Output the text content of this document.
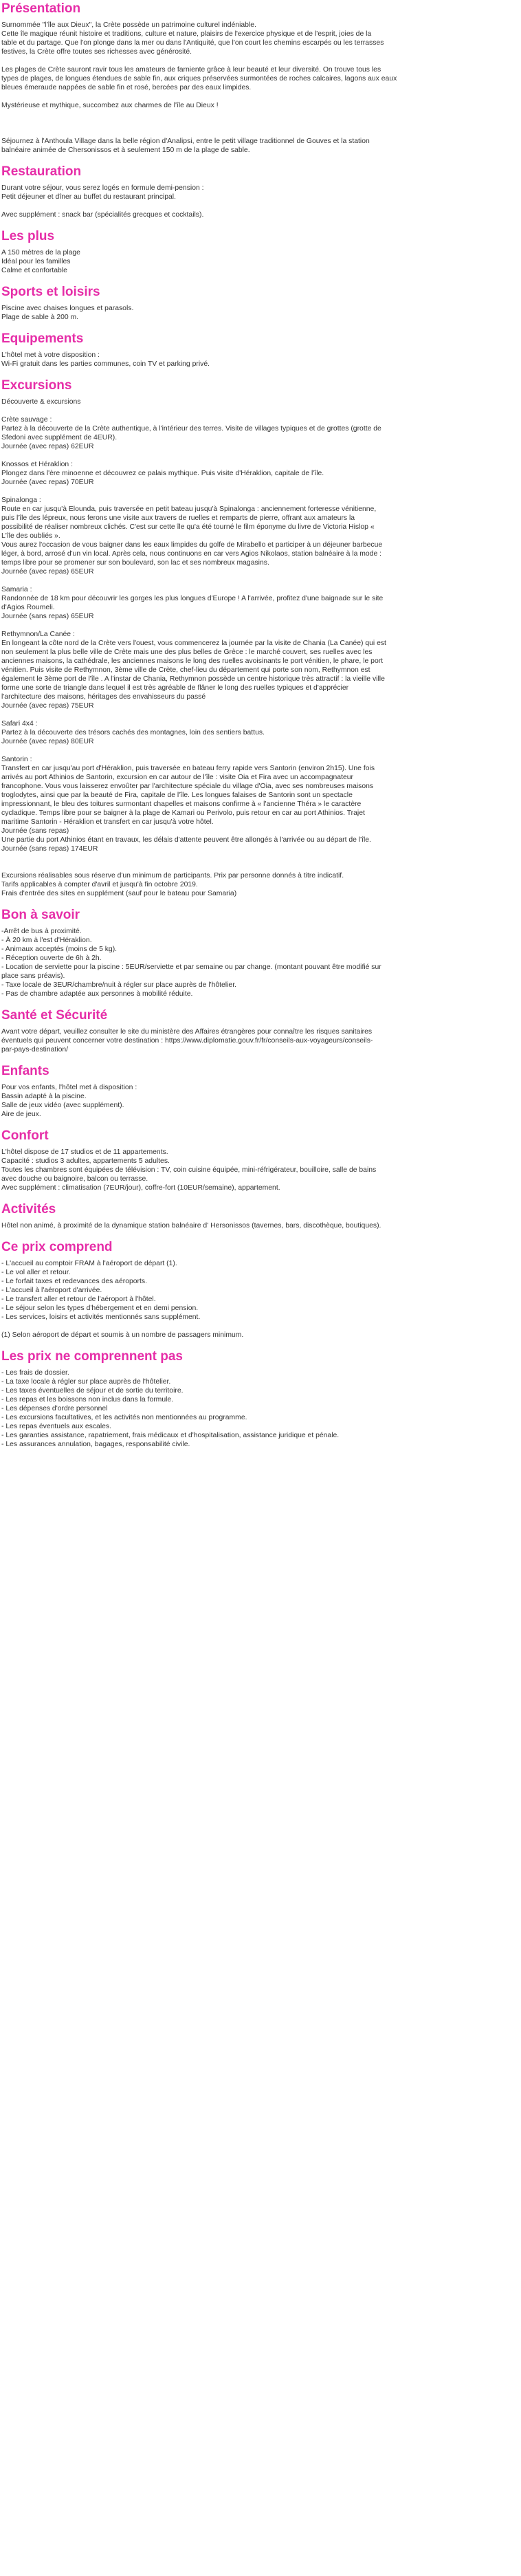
Présentation
Surnommée "l'île aux Dieux", la Crète possède un patrimoine culturel indéniable.
Cette île magique réunit histoire et traditions, culture et nature, plaisirs de l'exercice physique et de l'esprit, joies de la
table et du partage. Que l'on plonge dans la mer ou dans l'Antiquité, que l'on court les chemins escarpés ou les terrasses
festives, la Crète offre toutes ses richesses avec générosité.
Les plages de Crète sauront ravir tous les amateurs de farniente grâce à leur beauté et leur diversité. On trouve tous les
types de plages, de longues étendues de sable fin, aux criques préservées surmontées de roches calcaires, lagons aux eaux
bleues émeraude nappées de sable fin et rosé, bercées par des eaux limpides.
Mystérieuse et mythique, succombez aux charmes de l'île au Dieux !
Séjournez à l'Anthoula Village dans la belle région d'Analipsi, entre le petit village traditionnel de Gouves et la station
balnéaire animée de Chersonissos et à seulement 150 m de la plage de sable.
Restauration
Durant votre séjour, vous serez logés en formule demi-pension :
Petit déjeuner et dîner au buffet du restaurant principal.
Avec supplément : snack bar (spécialités grecques et cocktails).
Les plus
A 150 mètres de la plage
Idéal pour les familles
Calme et confortable
Sports et loisirs
Piscine avec chaises longues et parasols.
Plage de sable à 200 m.
Equipements
L'hôtel met à votre disposition :
Wi-Fi gratuit dans les parties communes, coin TV et parking privé.
Excursions
Découverte & excursions
Crète sauvage :
Partez à la découverte de la Crète authentique, à l'intérieur des terres. Visite de villages typiques et de grottes (grotte de
Sfedoni avec supplément de 4EUR).
Journée (avec repas) 62EUR
Knossos et Héraklion :
Plongez dans l'ère minoenne et découvrez ce palais mythique. Puis visite d'Héraklion, capitale de l'île.
Journée (avec repas) 70EUR
Spinalonga :
Route en car jusqu'à Elounda, puis traversée en petit bateau jusqu'à Spinalonga : anciennement forteresse vénitienne,
puis l'île des lépreux, nous ferons une visite aux travers de ruelles et remparts de pierre, offrant aux amateurs la
possibilité de réaliser nombreux clichés. C'est sur cette île qu'a été tourné le film éponyme du livre de Victoria Hislop «
L'île des oubliés ».
Vous aurez l'occasion de vous baigner dans les eaux limpides du golfe de Mirabello et participer à un déjeuner barbecue
léger, à bord, arrosé d'un vin local. Après cela, nous continuons en car vers Agios Nikolaos, station balnéaire à la mode :
temps libre pour se promener sur son boulevard, son lac et ses nombreux magasins.
Journée (avec repas) 65EUR
Samaria :
Randonnée de 18 km pour découvrir les gorges les plus longues d'Europe ! A l'arrivée, profitez d'une baignade sur le site
d'Agios Roumeli.
Journée (sans repas) 65EUR
Rethymnon/La Canée :
En longeant la côte nord de la Crète vers l'ouest, vous commencerez la journée par la visite de Chania (La Canée) qui est
non seulement la plus belle ville de Crète mais une des plus belles de Grèce : le marché couvert, ses ruelles avec les
anciennes maisons, la cathédrale, les anciennes maisons le long des ruelles avoisinants le port vénitien, le phare, le port
vénitien. Puis visite de Rethymnon, 3ème ville de Crète, chef-lieu du département qui porte son nom, Rethymnon est
également le 3ème port de l'île . A l'instar de Chania, Rethymnon possède un centre historique très attractif : la vieille ville
forme une sorte de triangle dans lequel il est très agréable de flâner le long des ruelles typiques et d'apprécier
l'architecture des maisons, héritages des envahisseurs du passé
Journée (avec repas) 75EUR
Safari 4x4 :
Partez à la découverte des trésors cachés des montagnes, loin des sentiers battus.
Journée (avec repas) 80EUR
Santorin :
Transfert en car jusqu'au port d'Héraklion, puis traversée en bateau ferry rapide vers Santorin (environ 2h15). Une fois
arrivés au port Athinios de Santorin, excursion en car autour de l'île : visite Oia et Fira avec un accompagnateur
francophone. Vous vous laisserez envoûter par l'architecture spéciale du village d'Oia, avec ses nombreuses maisons
troglodytes, ainsi que par la beauté de Fira, capitale de l'île. Les longues falaises de Santorin sont un spectacle
impressionnant, le bleu des toitures surmontant chapelles et maisons confirme à « l'ancienne Théra » le caractère
cycladique. Temps libre pour se baigner à la plage de Kamari ou Perivolo, puis retour en car au port Athinios. Trajet
maritime Santorin - Héraklion et transfert en car jusqu'à votre hôtel.
Journée (sans repas)
Une partie du port Athinios étant en travaux, les délais d'attente peuvent être allongés à l'arrivée ou au départ de l'île.
Journée (sans repas) 174EUR
Excursions réalisables sous réserve d'un minimum de participants. Prix par personne donnés à titre indicatif.
Tarifs applicables à compter d'avril et jusqu'à fin octobre 2019.
Frais d'entrée des sites en supplément (sauf pour le bateau pour Samaria)
Bon à savoir
-Arrêt de bus à proximité.
- À 20 km à l'est d'Héraklion.
- Animaux acceptés (moins de 5 kg).
- Réception ouverte de 6h à 2h.
- Location de serviette pour la piscine : 5EUR/serviette et par semaine ou par change. (montant pouvant être modifié sur
place sans préavis).
- Taxe locale de 3EUR/chambre/nuit à régler sur place auprès de l'hôtelier.
- Pas de chambre adaptée aux personnes à mobilité réduite.
Santé et Sécurité
Avant votre départ, veuillez consulter le site du ministère des Affaires étrangères pour connaître les risques sanitaires
éventuels qui peuvent concerner votre destination : https://www.diplomatie.gouv.fr/fr/conseils-aux-voyageurs/conseils-
par-pays-destination/
Enfants
Pour vos enfants, l'hôtel met à disposition :
Bassin adapté à la piscine.
Salle de jeux vidéo (avec supplément).
Aire de jeux.
Confort
L'hôtel dispose de 17 studios et de 11 appartements.
Capacité : studios 3 adultes, appartements 5 adultes.
Toutes les chambres sont équipées de télévision : TV, coin cuisine équipée, mini-réfrigérateur, bouilloire, salle de bains
avec douche ou baignoire, balcon ou terrasse.
Avec supplément : climatisation (7EUR/jour), coffre-fort (10EUR/semaine), appartement.
Activités
Hôtel non animé, à proximité de la dynamique station balnéaire d' Hersonissos (tavernes, bars, discothèque, boutiques).
Ce prix comprend
- L'accueil au comptoir FRAM à l'aéroport de départ (1).
- Le vol aller et retour.
- Le forfait taxes et redevances des aéroports.
- L'accueil à l'aéroport d'arrivée.
- Le transfert aller et retour de l'aéroport à l'hôtel.
- Le séjour selon les types d'hébergement et en demi pension.
- Les services, loisirs et activités mentionnés sans supplément.
(1) Selon aéroport de départ et soumis à un nombre de passagers minimum.
Les prix ne comprennent pas
- Les frais de dossier.
- La taxe locale à régler sur place auprès de l'hôtelier.
- Les taxes éventuelles de séjour et de sortie du territoire.
- Les repas et les boissons non inclus dans la formule.
- Les dépenses d'ordre personnel
- Les excursions facultatives, et les activités non mentionnées au programme.
- Les repas éventuels aux escales.
- Les garanties assistance, rapatriement, frais médicaux et d'hospitalisation, assistance juridique et pénale.
- Les assurances annulation, bagages, responsabilité civile.
